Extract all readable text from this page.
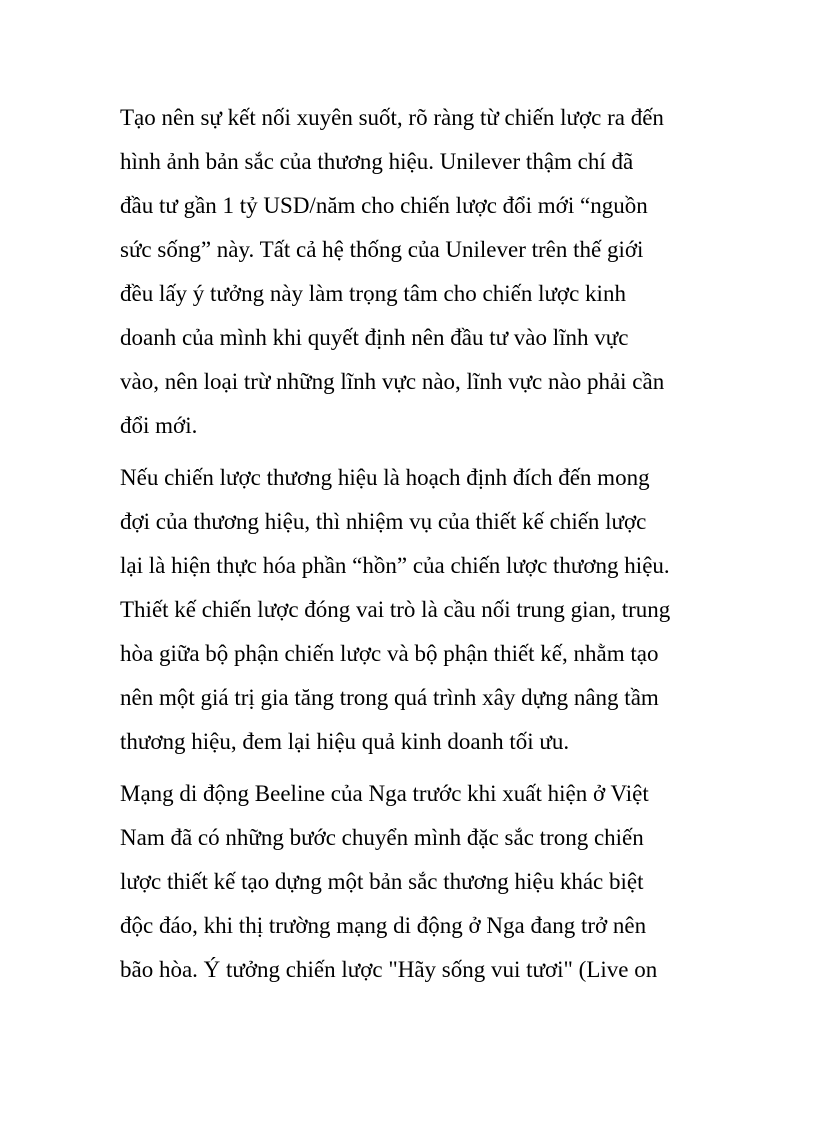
Tạo nên sự kết nối xuyên suốt, rõ ràng từ chiến lược ra đến
hình ảnh bản sắc của thương hiệu. Unilever thậm chí đã
đầu tư gần 1 tỷ USD/năm cho chiến lược đổi mới “nguồn
sức sống” này. Tất cả hệ thống của Unilever trên thế giới
đều lấy ý tưởng này làm trọng tâm cho chiến lược kinh
doanh của mình khi quyết định nên đầu tư vào lĩnh vực
vào, nên loại trừ những lĩnh vực nào, lĩnh vực nào phải cần
đổi mới.

Nếu chiến lược thương hiệu là hoạch định đích đến mong
đợi của thương hiệu, thì nhiệm vụ của thiết kế chiến lược
lại là hiện thực hóa phần “hồn” của chiến lược thương hiệu.
Thiết kế chiến lược đóng vai trò là cầu nối trung gian, trung
hòa giữa bộ phận chiến lược và bộ phận thiết kế, nhằm tạo
nên một giá trị gia tăng trong quá trình xây dựng nâng tầm
thương hiệu, đem lại hiệu quả kinh doanh tối ưu.

Mạng di động Beeline của Nga trước khi xuất hiện ở Việt
Nam đã có những bước chuyển mình đặc sắc trong chiến
lược thiết kế tạo dựng một bản sắc thương hiệu khác biệt
độc đáo, khi thị trường mạng di động ở Nga đang trở nên
bão hòa. Ý tưởng chiến lược "Hãy sống vui tươi" (Live on
